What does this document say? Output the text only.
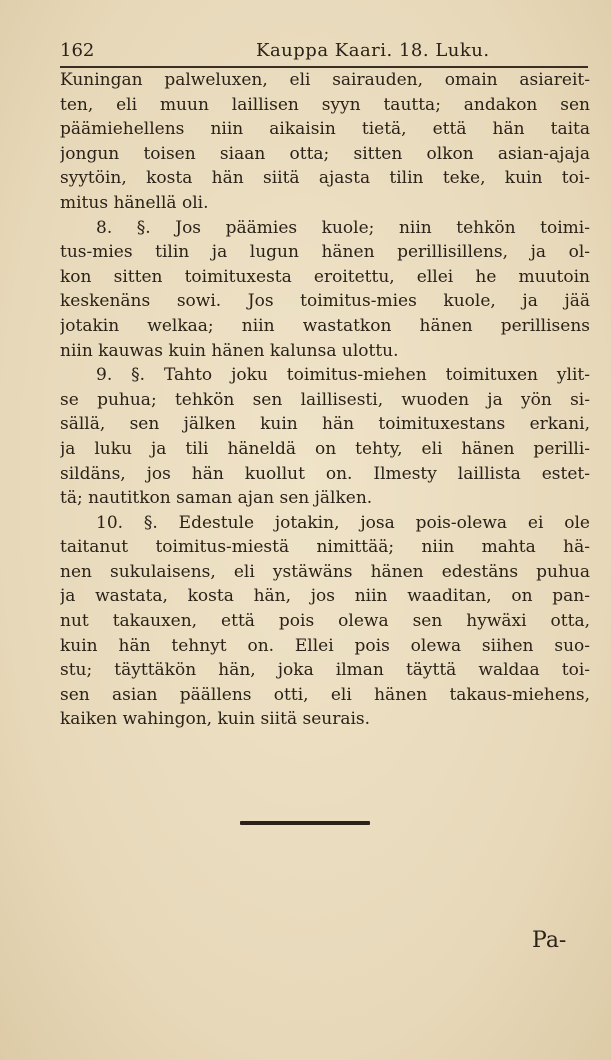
162	Kauppa Kaari. 18. Luku.
Kuningan palweluxen, eli sairauden, omain asiareit-
ten, eli muun laillisen syyn tautta; andakon sen
päämiehellens niin aikaisin tietä, että hän taita
jongun toisen siaan otta; sitten olkon asian-ajaja
syytöin, kosta hän siitä ajasta tilin teke, kuin toi-
mitus hänellä oli.
8. §. Jos päämies kuole; niin tehkön toimi-
tus-mies tilin ja lugun hänen perillisillens, ja ol-
kon sitten toimituxesta eroitettu, ellei he muutoin
keskenäns sowi. Jos toimitus-mies kuole, ja jää
jotakin welkaa; niin wastatkon hänen perillisens
niin kauwas kuin hänen kalunsa ulottu.
9. §. Tahto joku toimitus-miehen toimituxen ylit-
se puhua; tehkön sen laillisesti, wuoden ja yön si-
sällä, sen jälken kuin hän toimituxestans erkani,
ja luku ja tili häneldä on tehty, eli hänen perilli-
sildäns, jos hän kuollut on. Ilmesty laillista estet-
tä; nautitkon saman ajan sen jälken.
10. §. Edestule jotakin, josa pois-olewa ei ole
taitanut toimitus-miestä nimittää; niin mahta hä-
nen sukulaisens, eli ystäwäns hänen edestäns puhua
ja wastata, kosta hän, jos niin waaditan, on pan-
nut takauxen, että pois olewa sen hywäxi otta,
kuin hän tehnyt on. Ellei pois olewa siihen suo-
stu; täyttäkön hän, joka ilman täyttä waldaa toi-
sen asian päällens otti, eli hänen takaus-miehens,
kaiken wahingon, kuin siitä seurais.
Pa-
